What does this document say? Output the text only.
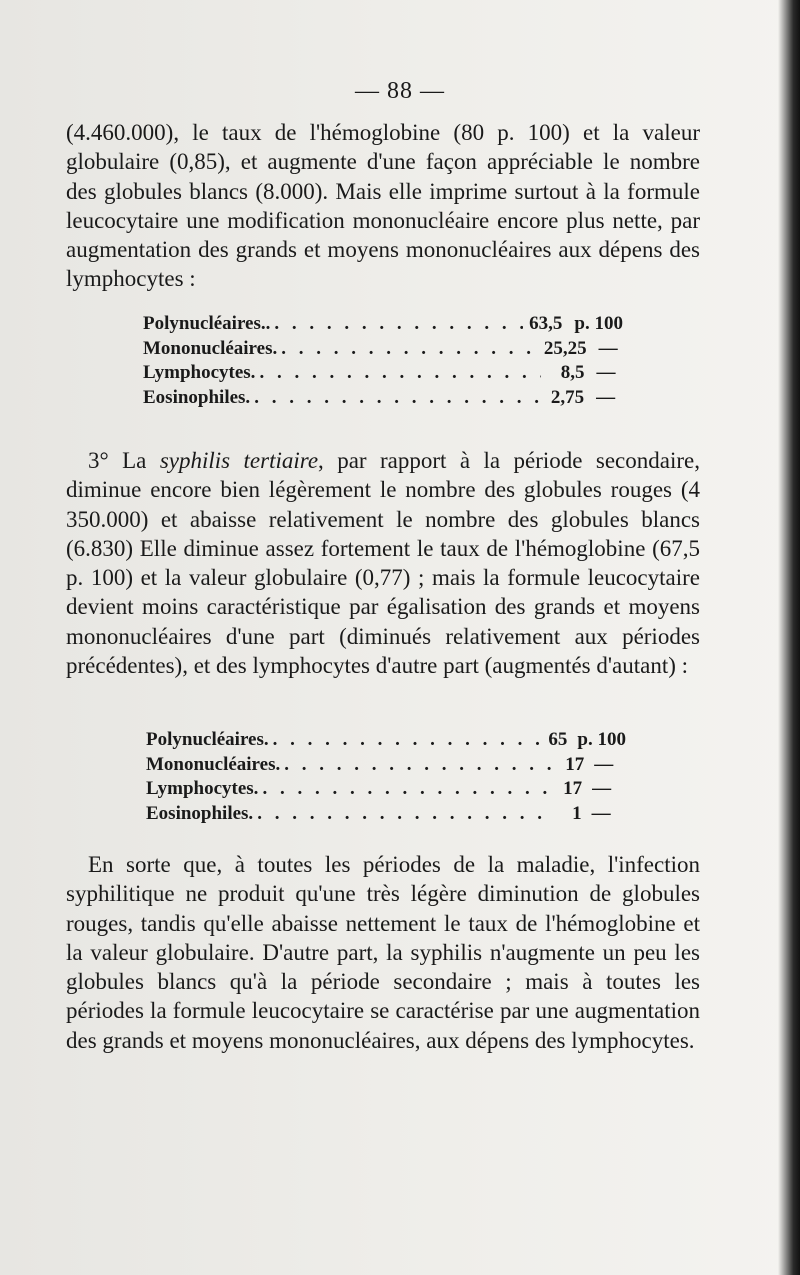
— 88 —

(4.460.000), le taux de l'hémoglobine (80 p. 100) et la valeur globulaire (0,85), et augmente d'une façon appréciable le nombre des globules blancs (8.000). Mais elle imprime surtout à la formule leucocytaire une modification mononucléaire encore plus nette, par augmentation des grands et moyens mononucléaires aux dépens des lymphocytes :

Polynucléaires.. . . .	63,5 p. 100
Mononucléaires. . . .	25,25 —
Lymphocytes. . . .	8,5 —
Eosinophiles. . . .	2,75 —

3° La syphilis tertiaire, par rapport à la période secondaire, diminue encore bien légèrement le nombre des globules rouges (4 350.000) et abaisse relativement le nombre des globules blancs (6.830) Elle diminue assez fortement le taux de l'hémoglobine (67,5 p. 100) et la valeur globulaire (0,77) ; mais la formule leucocytaire devient moins caractéristique par égalisation des grands et moyens mononucléaires d'une part (diminués relativement aux périodes précédentes), et des lymphocytes d'autre part (augmentés d'autant) :

Polynucléaires. . . .	65 p. 100
Mononucléaires. . . .	17 —
Lymphocytes. . . .	17 —
Eosinophiles. . . .	1 —

En sorte que, à toutes les périodes de la maladie, l'infection syphilitique ne produit qu'une très légère diminution de globules rouges, tandis qu'elle abaisse nettement le taux de l'hémoglobine et la valeur globulaire. D'autre part, la syphilis n'augmente un peu les globules blancs qu'à la période secondaire ; mais à toutes les périodes la formule leucocytaire se caractérise par une augmentation des grands et moyens mononucléaires, aux dépens des lymphocytes.
